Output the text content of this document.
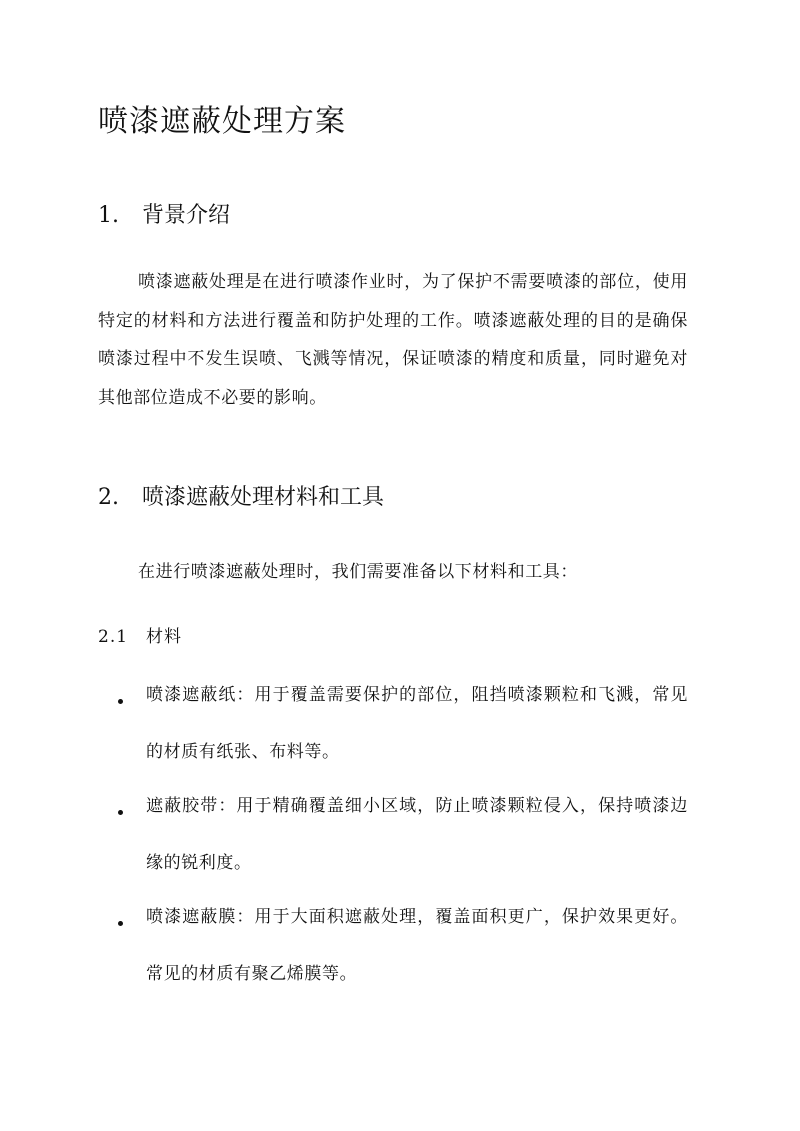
喷漆遮蔽处理方案
1. 背景介绍

喷漆遮蔽处理是在进行喷漆作业时，为了保护不需要喷漆的部位，使用特定的材料和方法进行覆盖和防护处理的工作。喷漆遮蔽处理的目的是确保喷漆过程中不发生误喷、飞溅等情况，保证喷漆的精度和质量，同时避免对其他部位造成不必要的影响。

2. 喷漆遮蔽处理材料和工具

在进行喷漆遮蔽处理时，我们需要准备以下材料和工具：

2.1 材料

喷漆遮蔽纸：用于覆盖需要保护的部位，阻挡喷漆颗粒和飞溅，常见的材质有纸张、布料等。

遮蔽胶带：用于精确覆盖细小区域，防止喷漆颗粒侵入，保持喷漆边缘的锐利度。

喷漆遮蔽膜：用于大面积遮蔽处理，覆盖面积更广，保护效果更好。常见的材质有聚乙烯膜等。
